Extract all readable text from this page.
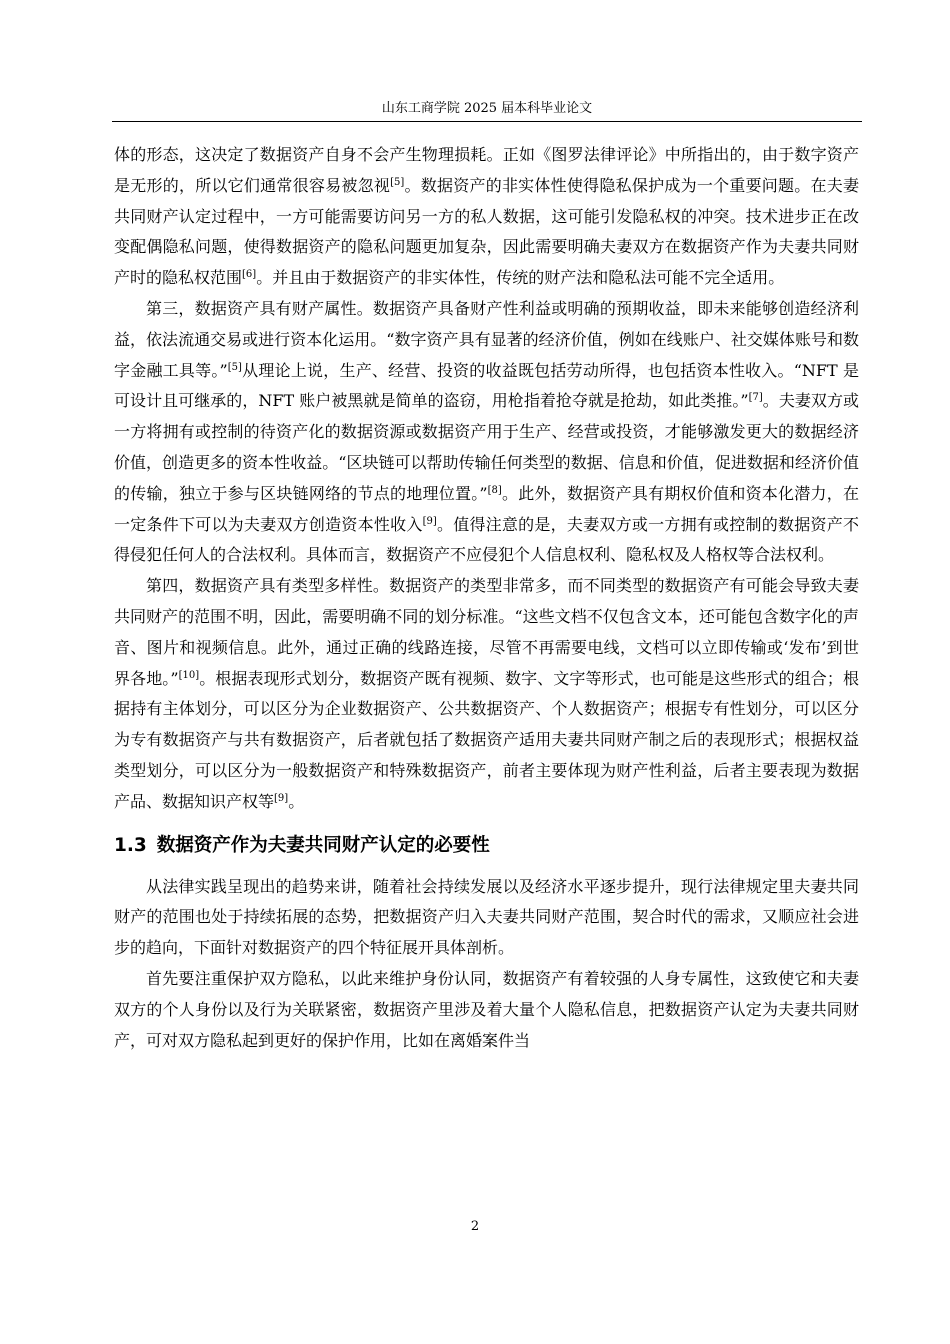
山东工商学院 2025 届本科毕业论文

体的形态，这决定了数据资产自身不会产生物理损耗。正如《图罗法律评论》中所指出的，由于数字资产是无形的，所以它们通常很容易被忽视[5]。数据资产的非实体性使得隐私保护成为一个重要问题。在夫妻共同财产认定过程中，一方可能需要访问另一方的私人数据，这可能引发隐私权的冲突。技术进步正在改变配偶隐私问题，使得数据资产的隐私问题更加复杂，因此需要明确夫妻双方在数据资产作为夫妻共同财产时的隐私权范围[6]。并且由于数据资产的非实体性，传统的财产法和隐私法可能不完全适用。

第三，数据资产具有财产属性。数据资产具备财产性利益或明确的预期收益，即未来能够创造经济利益，依法流通交易或进行资本化运用。“数字资产具有显著的经济价值，例如在线账户、社交媒体账号和数字金融工具等。”[5]从理论上说，生产、经营、投资的收益既包括劳动所得，也包括资本性收入。“NFT 是可设计且可继承的，NFT 账户被黑就是简单的盗窃，用枪指着抢夺就是抢劫，如此类推。”[7]。夫妻双方或一方将拥有或控制的待资产化的数据资源或数据资产用于生产、经营或投资，才能够激发更大的数据经济价值，创造更多的资本性收益。“区块链可以帮助传输任何类型的数据、信息和价值，促进数据和经济价值的传输，独立于参与区块链网络的节点的地理位置。”[8]。此外，数据资产具有期权价值和资本化潜力，在一定条件下可以为夫妻双方创造资本性收入[9]。值得注意的是，夫妻双方或一方拥有或控制的数据资产不得侵犯任何人的合法权利。具体而言，数据资产不应侵犯个人信息权利、隐私权及人格权等合法权利。

第四，数据资产具有类型多样性。数据资产的类型非常多，而不同类型的数据资产有可能会导致夫妻共同财产的范围不明，因此，需要明确不同的划分标准。“这些文档不仅包含文本，还可能包含数字化的声音、图片和视频信息。此外，通过正确的线路连接，尽管不再需要电线，文档可以立即传输或‘发布’到世界各地。”[10]。根据表现形式划分，数据资产既有视频、数字、文字等形式，也可能是这些形式的组合；根据持有主体划分，可以区分为企业数据资产、公共数据资产、个人数据资产；根据专有性划分，可以区分为专有数据资产与共有数据资产，后者就包括了数据资产适用夫妻共同财产制之后的表现形式；根据权益类型划分，可以区分为一般数据资产和特殊数据资产，前者主要体现为财产性利益，后者主要表现为数据产品、数据知识产权等[9]。

1.3 数据资产作为夫妻共同财产认定的必要性

从法律实践呈现出的趋势来讲，随着社会持续发展以及经济水平逐步提升，现行法律规定里夫妻共同财产的范围也处于持续拓展的态势，把数据资产归入夫妻共同财产范围，契合时代的需求，又顺应社会进步的趋向，下面针对数据资产的四个特征展开具体剖析。

首先要注重保护双方隐私，以此来维护身份认同，数据资产有着较强的人身专属性，这致使它和夫妻双方的个人身份以及行为关联紧密，数据资产里涉及着大量个人隐私信息，把数据资产认定为夫妻共同财产，可对双方隐私起到更好的保护作用，比如在离婚案件当

2
